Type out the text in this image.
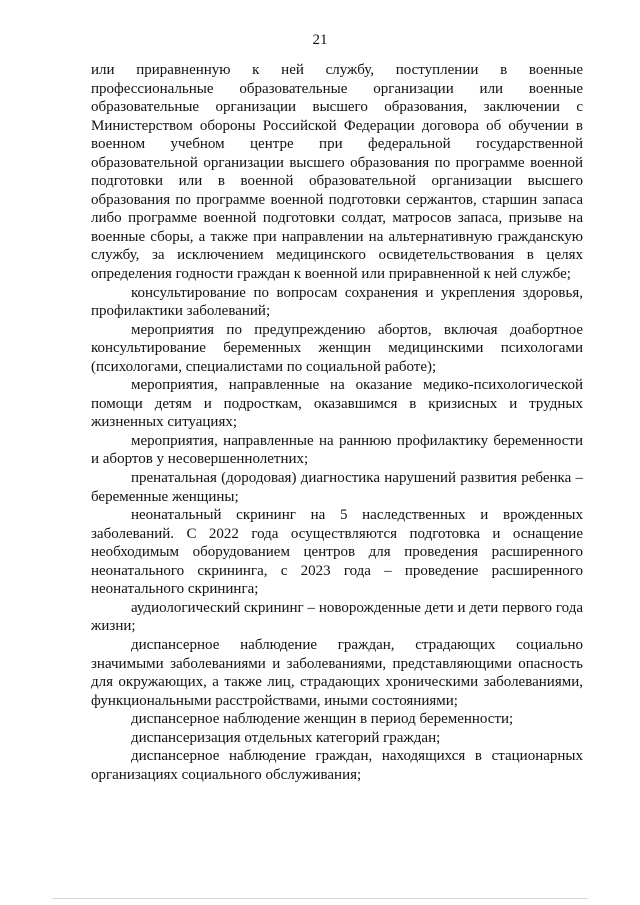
21

или приравненную к ней службу, поступлении в военные профессиональные образовательные организации или военные образовательные организации высшего образования, заключении с Министерством обороны Российской Федерации договора об обучении в военном учебном центре при федеральной государственной образовательной организации высшего образования по программе военной подготовки или в военной образовательной организации высшего образования по программе военной подготовки сержантов, старшин запаса либо программе военной подготовки солдат, матросов запаса, призыве на военные сборы, а также при направлении на альтернативную гражданскую службу, за исключением медицинского освидетельствования в целях определения годности граждан к военной или приравненной к ней службе;

консультирование по вопросам сохранения и укрепления здоровья, профилактики заболеваний;

мероприятия по предупреждению абортов, включая доабортное консультирование беременных женщин медицинскими психологами (психологами, специалистами по социальной работе);

мероприятия, направленные на оказание медико-психологической помощи детям и подросткам, оказавшимся в кризисных и трудных жизненных ситуациях;

мероприятия, направленные на раннюю профилактику беременности и абортов у несовершеннолетних;

пренатальная (дородовая) диагностика нарушений развития ребенка – беременные женщины;

неонатальный скрининг на 5 наследственных и врожденных заболеваний. С 2022 года осуществляются подготовка и оснащение необходимым оборудованием центров для проведения расширенного неонатального скрининга, с 2023 года – проведение расширенного неонатального скрининга;

аудиологический скрининг – новорожденные дети и дети первого года жизни;

диспансерное наблюдение граждан, страдающих социально значимыми заболеваниями и заболеваниями, представляющими опасность для окружающих, а также лиц, страдающих хроническими заболеваниями, функциональными расстройствами, иными состояниями;

диспансерное наблюдение женщин в период беременности;

диспансеризация отдельных категорий граждан;

диспансерное наблюдение граждан, находящихся в стационарных организациях социального обслуживания;
